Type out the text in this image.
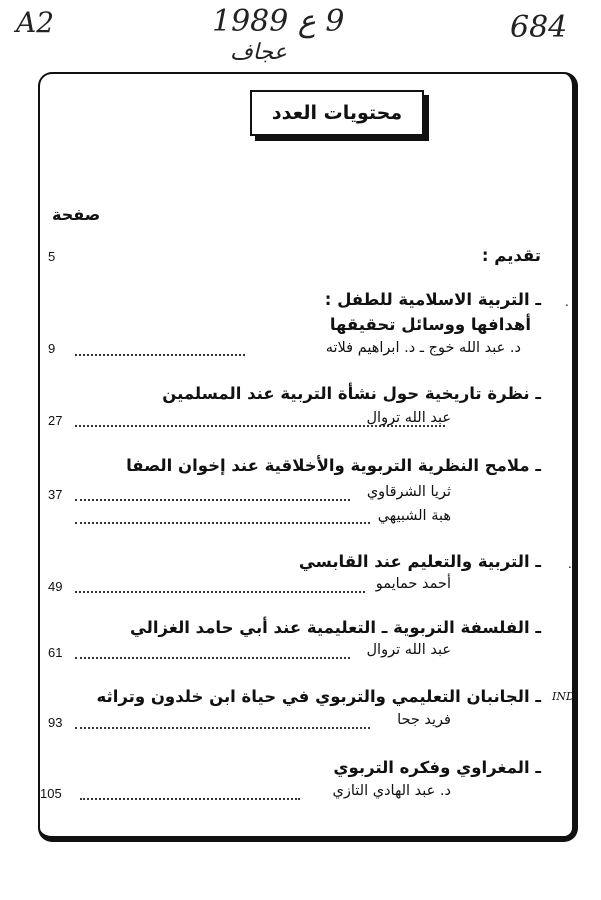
A2	9 ع 1989	684
عجاف
محتويات العدد
صفحة
تقديم :
5
ـ التربية الاسلامية للطفل :
أهدافها ووسائل تحقيقها
.
د. عبد الله خوج ـ د. ابراهيم فلاته
9
ـ نظرة تاريخية حول نشأة التربية عند المسلمين
عبد الله تروال
27
ـ ملامح النظرية التربوية والأخلاقية عند إخوان الصفا
ثريا الشرقاوي
37
هبة الشبيهي
ـ التربية والتعليم عند القابسي .
أحمد حمايمو
49
ـ الفلسفة التربوية ـ التعليمية عند أبي حامد الغزالي
عبد الله تروال
61
ـ الجانبان التعليمي والتربوي في حياة ابن خلدون وتراثه IND
فريد جحا
93
ـ المغراوي وفكره التربوي
د. عبد الهادي التازي
105
